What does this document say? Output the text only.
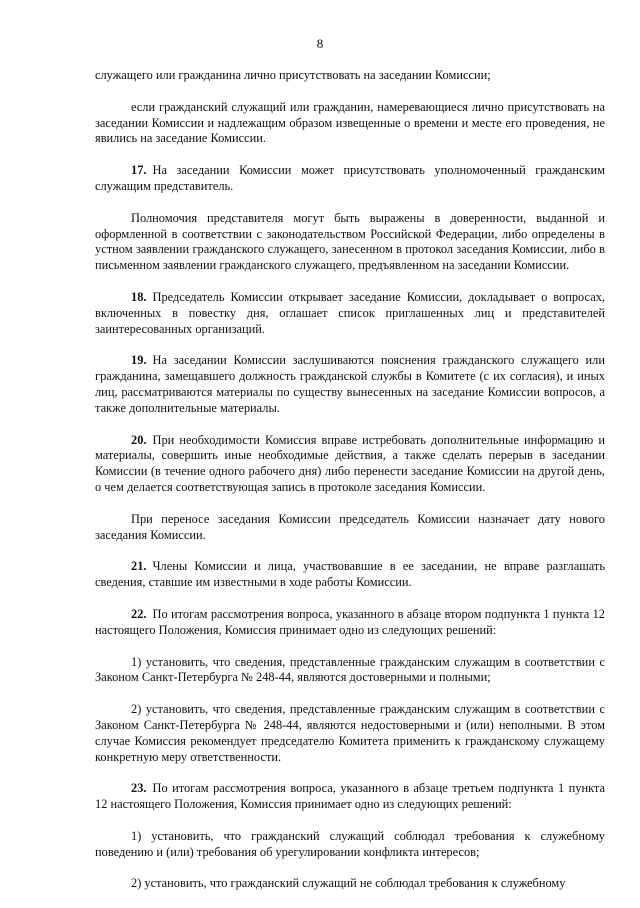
8

служащего или гражданина лично присутствовать на заседании Комиссии;

если гражданский служащий или гражданин, намеревающиеся лично присутствовать на заседании Комиссии и надлежащим образом извещенные о времени и месте его проведения, не явились на заседание Комиссии.

17. На заседании Комиссии может присутствовать уполномоченный гражданским служащим представитель.

Полномочия представителя могут быть выражены в доверенности, выданной и оформленной в соответствии с законодательством Российской Федерации, либо определены в устном заявлении гражданского служащего, занесенном в протокол заседания Комиссии, либо в письменном заявлении гражданского служащего, предъявленном на заседании Комиссии.

18. Председатель Комиссии открывает заседание Комиссии, докладывает о вопросах, включенных в повестку дня, оглашает список приглашенных лиц и представителей заинтересованных организаций.

19. На заседании Комиссии заслушиваются пояснения гражданского служащего или гражданина, замещавшего должность гражданской службы в Комитете (с их согласия), и иных лиц, рассматриваются материалы по существу вынесенных на заседание Комиссии вопросов, а также дополнительные материалы.

20. При необходимости Комиссия вправе истребовать дополнительные информацию и материалы, совершить иные необходимые действия, а также сделать перерыв в заседании Комиссии (в течение одного рабочего дня) либо перенести заседание Комиссии на другой день, о чем делается соответствующая запись в протоколе заседания Комиссии.

При переносе заседания Комиссии председатель Комиссии назначает дату нового заседания Комиссии.

21. Члены Комиссии и лица, участвовавшие в ее заседании, не вправе разглашать сведения, ставшие им известными в ходе работы Комиссии.

22. По итогам рассмотрения вопроса, указанного в абзаце втором подпункта 1 пункта 12 настоящего Положения, Комиссия принимает одно из следующих решений:

1) установить, что сведения, представленные гражданским служащим в соответствии с Законом Санкт-Петербурга № 248-44, являются достоверными и полными;

2) установить, что сведения, представленные гражданским служащим в соответствии с Законом Санкт-Петербурга № 248-44, являются недостоверными и (или) неполными. В этом случае Комиссия рекомендует председателю Комитета применить к гражданскому служащему конкретную меру ответственности.

23. По итогам рассмотрения вопроса, указанного в абзаце третьем подпункта 1 пункта 12 настоящего Положения, Комиссия принимает одно из следующих решений:

1) установить, что гражданский служащий соблюдал требования к служебному поведению и (или) требования об урегулировании конфликта интересов;

2) установить, что гражданский служащий не соблюдал требования к служебному
